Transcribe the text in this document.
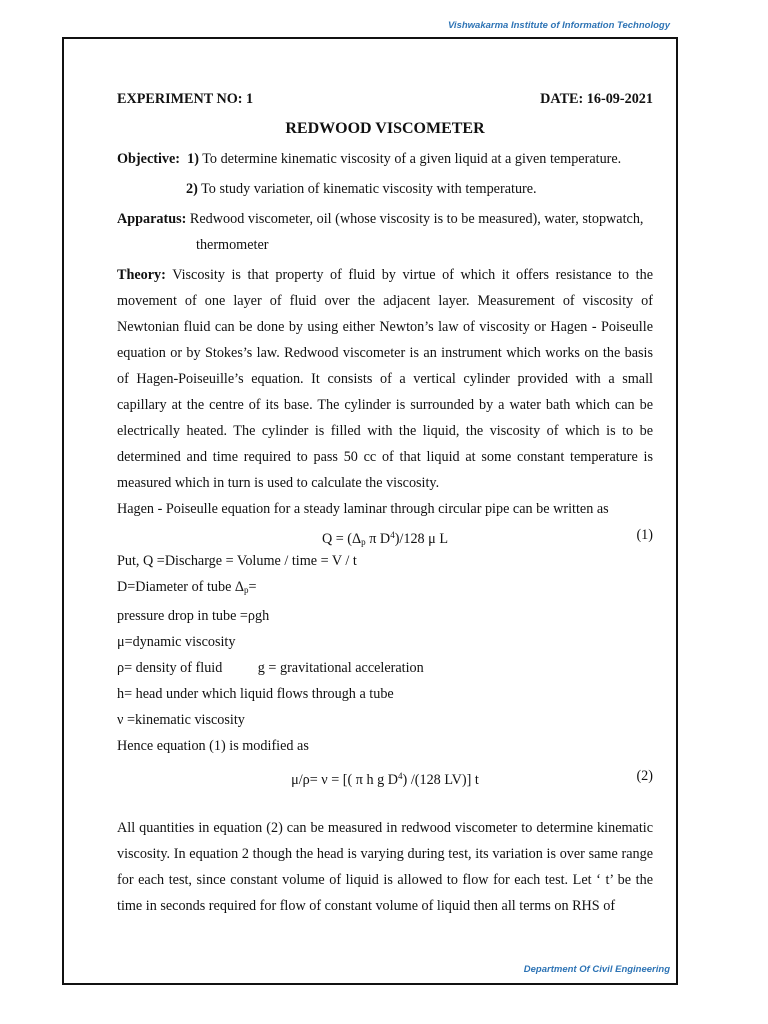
Vishwakarma Institute of Information Technology
EXPERIMENT NO: 1	DATE: 16-09-2021
REDWOOD VISCOMETER

Objective: 1) To determine kinematic viscosity of a given liquid at a given temperature.

2) To study variation of kinematic viscosity with temperature.

Apparatus: Redwood viscometer, oil (whose viscosity is to be measured), water, stopwatch,

thermometer

Theory: Viscosity is that property of fluid by virtue of which it offers resistance to the movement of one layer of fluid over the adjacent layer. Measurement of viscosity of Newtonian fluid can be done by using either Newton’s law of viscosity or Hagen - Poiseulle equation or by Stokes’s law. Redwood viscometer is an instrument which works on the basis of Hagen-Poiseuille’s equation. It consists of a vertical cylinder provided with a small capillary at the centre of its base. The cylinder is surrounded by a water bath which can be electrically heated. The cylinder is filled with the liquid, the viscosity of which is to be determined and time required to pass 50 cc of that liquid at some constant temperature is measured which in turn is used to calculate the viscosity.

Hagen - Poiseulle equation for a steady laminar through circular pipe can be written as

$Q = (\Delta_p$ π $D^4)/128$ μ L	(1)

Put, Q =Discharge = Volume / time = V / t

D=Diameter of tube $\Delta_p=$

pressure drop in tube =ρgh

μ=dynamic viscosity

ρ= density of fluid          g = gravitational acceleration

h= head under which liquid flows through a tube

ν =kinematic viscosity

Hence equation (1) is modified as

μ/ρ= ν = [( π h g $D^4$) /(128 LV)] t	(2)

All quantities in equation (2) can be measured in redwood viscometer to determine kinematic viscosity. In equation 2 though the head is varying during test, its variation is over same range for each test, since constant volume of liquid is allowed to flow for each test. Let ‘ t’ be the time in seconds required for flow of constant volume of liquid then all terms on RHS of

Department Of Civil Engineering
